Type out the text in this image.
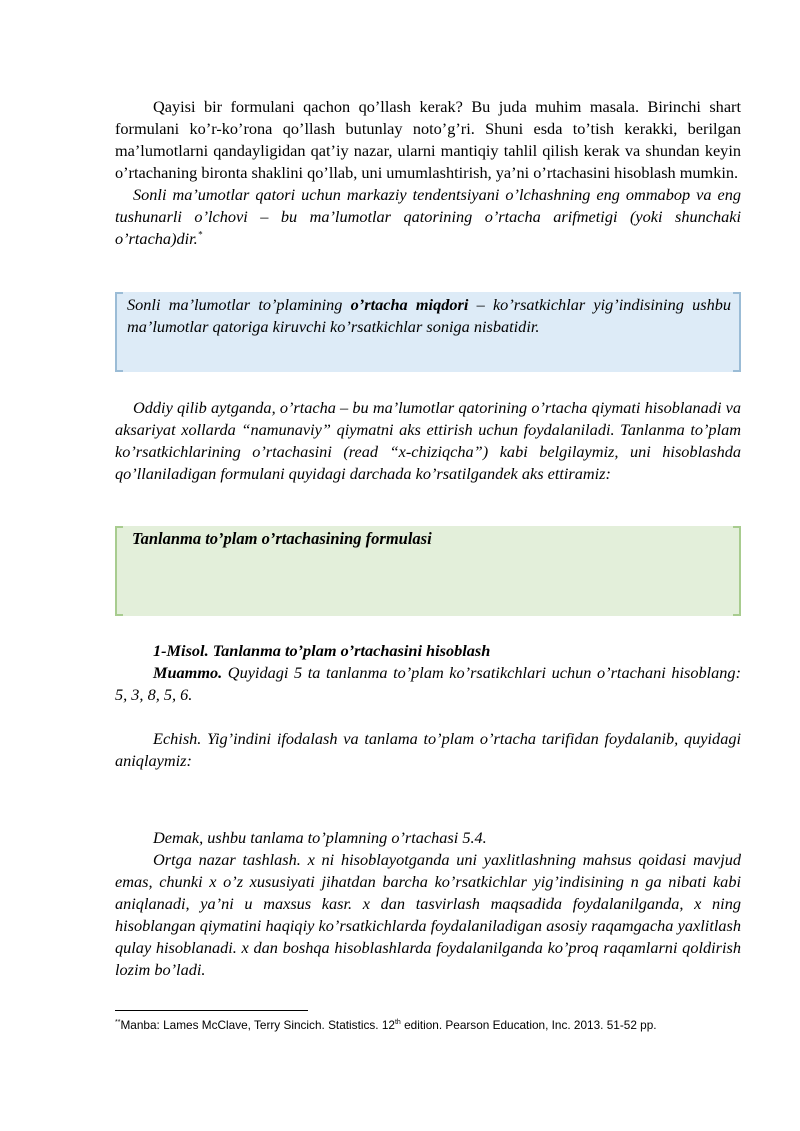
Qayisi bir formulani qachon qo’llash kerak? Bu juda muhim masala. Birinchi shart formulani ko’r-ko’rona qo’llash butunlay noto’g’ri. Shuni esda to’tish kerakki, berilgan ma’lumotlarni qandayligidan qat’iy nazar, ularni mantiqiy tahlil qilish kerak va shundan keyin o’rtachaning bironta shaklini qo’llab, uni umumlashtirish, ya’ni o’rtachasini hisoblash mumkin.

Sonli ma’umotlar qatori uchun markaziy tendentsiyani o’lchashning eng ommabop va eng tushunarli o’lchovi – bu ma’lumotlar qatorining o’rtacha arifmetigi (yoki shunchaki o’rtacha)dir.*

Sonli ma’lumotlar to’plamining o’rtacha miqdori – ko’rsatkichlar yig’indisining ushbu ma’lumotlar qatoriga kiruvchi ko’rsatkichlar soniga nisbatidir.

Oddiy qilib aytganda, o’rtacha – bu ma’lumotlar qatorining o’rtacha qiymati hisoblanadi va aksariyat xollarda “namunaviy” qiymatni aks ettirish uchun foydalaniladi. Tanlanma to’plam ko’rsatkichlarining o’rtachasini (read “x-chiziqcha”) kabi belgilaymiz, uni hisoblashda qo’llaniladigan formulani quyidagi darchada ko’rsatilgandek aks ettiramiz:

Tanlanma to’plam o’rtachasining formulasi

1-Misol. Tanlanma to’plam o’rtachasini hisoblash

Muammo. Quyidagi 5 ta tanlanma to’plam ko’rsatikchlari uchun o’rtachani hisoblang: 5, 3, 8, 5, 6.

Echish. Yig’indini ifodalash va tanlama to’plam o’rtacha tarifidan foydalanib, quyidagi aniqlaymiz:

Demak, ushbu tanlama to’plamning o’rtachasi 5.4.

Ortga nazar tashlash. x ni hisoblayotganda uni yaxlitlashning mahsus qoidasi mavjud emas, chunki x o’z xususiyati jihatdan barcha ko’rsatkichlar yig’indisining n ga nibati kabi aniqlanadi, ya’ni u maxsus kasr. x dan tasvirlash maqsadida foydalanilganda, x ning hisoblangan qiymatini haqiqiy ko’rsatkichlarda foydalaniladigan asosiy raqamgacha yaxlitlash qulay hisoblanadi. x dan boshqa hisoblashlarda foydalanilganda ko’proq raqamlarni qoldirish lozim bo’ladi.

**Manba: Lames McClave, Terry Sincich. Statistics. 12th edition. Pearson Education, Inc. 2013. 51-52 pp.
